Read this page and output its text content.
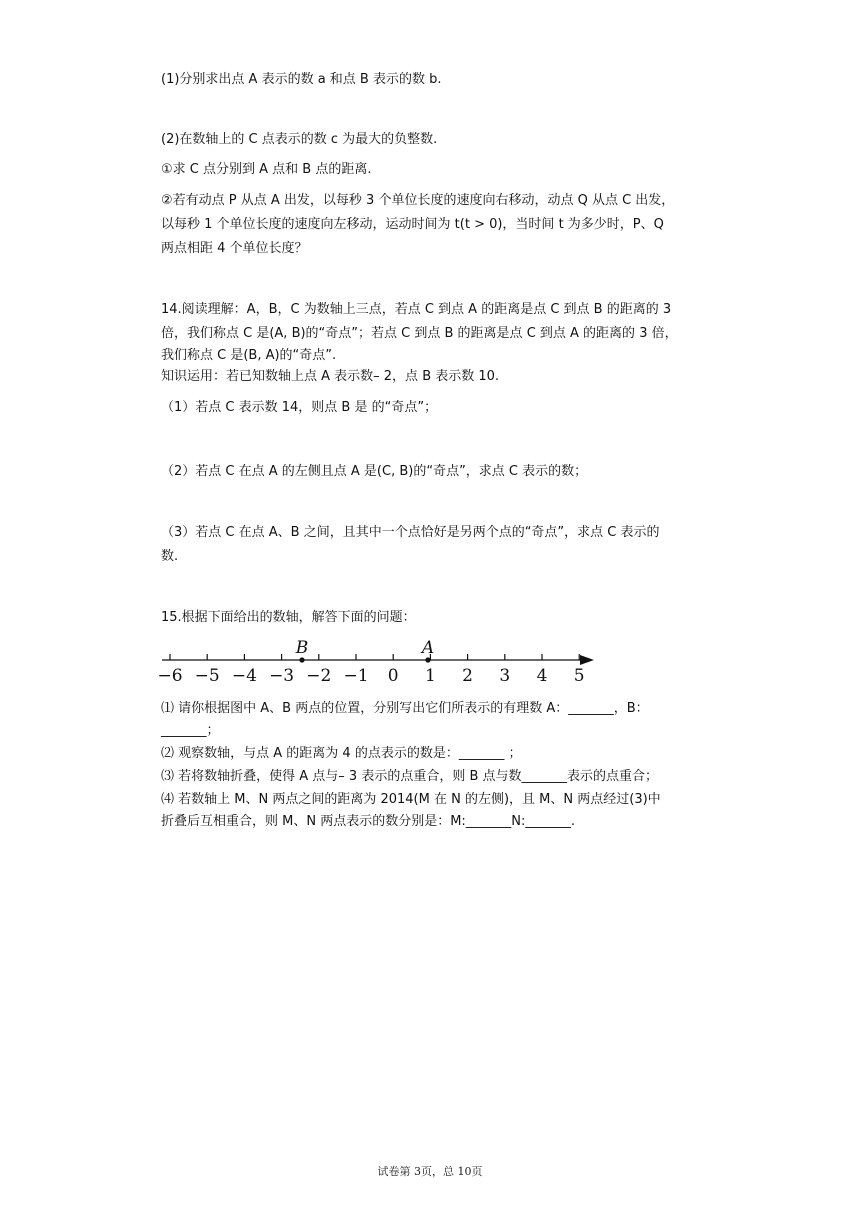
(1)分别求出点 A 表示的数 a 和点 B 表示的数 b.
(2)在数轴上的 C 点表示的数 c 为最大的负整数.
①求 C 点分别到 A 点和 B 点的距离.
②若有动点 P 从点 A 出发，以每秒 3 个单位长度的速度向右移动，动点 Q 从点 C 出发，
以每秒 1 个单位长度的速度向左移动，运动时间为 t(t > 0)，当时间 t 为多少时，P、Q
两点相距 4 个单位长度？
14.阅读理解：A，B，C 为数轴上三点，若点 C 到点 A 的距离是点 C 到点 B 的距离的 3
倍，我们称点 C 是(A, B)的“奇点”；若点 C 到点 B 的距离是点 C 到点 A 的距离的 3 倍，
我们称点 C 是(B, A)的“奇点”.
知识运用：若已知数轴上点 A 表示数– 2，点 B 表示数 10.
（1）若点 C 表示数 14，则点 B 是 的“奇点”；
（2）若点 C 在点 A 的左侧且点 A 是(C, B)的“奇点”，求点 C 表示的数；
（3）若点 C 在点 A、B 之间，且其中一个点恰好是另两个点的“奇点”，求点 C 表示的
数.
15.根据下面给出的数轴，解答下面的问题：
−6 −5 −4 −3 −2 −1 0 1 2 3 4 5
B	A
⑴ 请你根据图中 A、B 两点的位置，分别写出它们所表示的有理数 A：_______，B：
_______；
⑵ 观察数轴，与点 A 的距离为 4 的点表示的数是：_______ ；
⑶ 若将数轴折叠，使得 A 点与– 3 表示的点重合，则 B 点与数_______表示的点重合；
⑷ 若数轴上 M、N 两点之间的距离为 2014(M 在 N 的左侧)，且 M、N 两点经过(3)中
折叠后互相重合，则 M、N 两点表示的数分别是：M:_______N:_______.
试卷第 3页，总 10页
